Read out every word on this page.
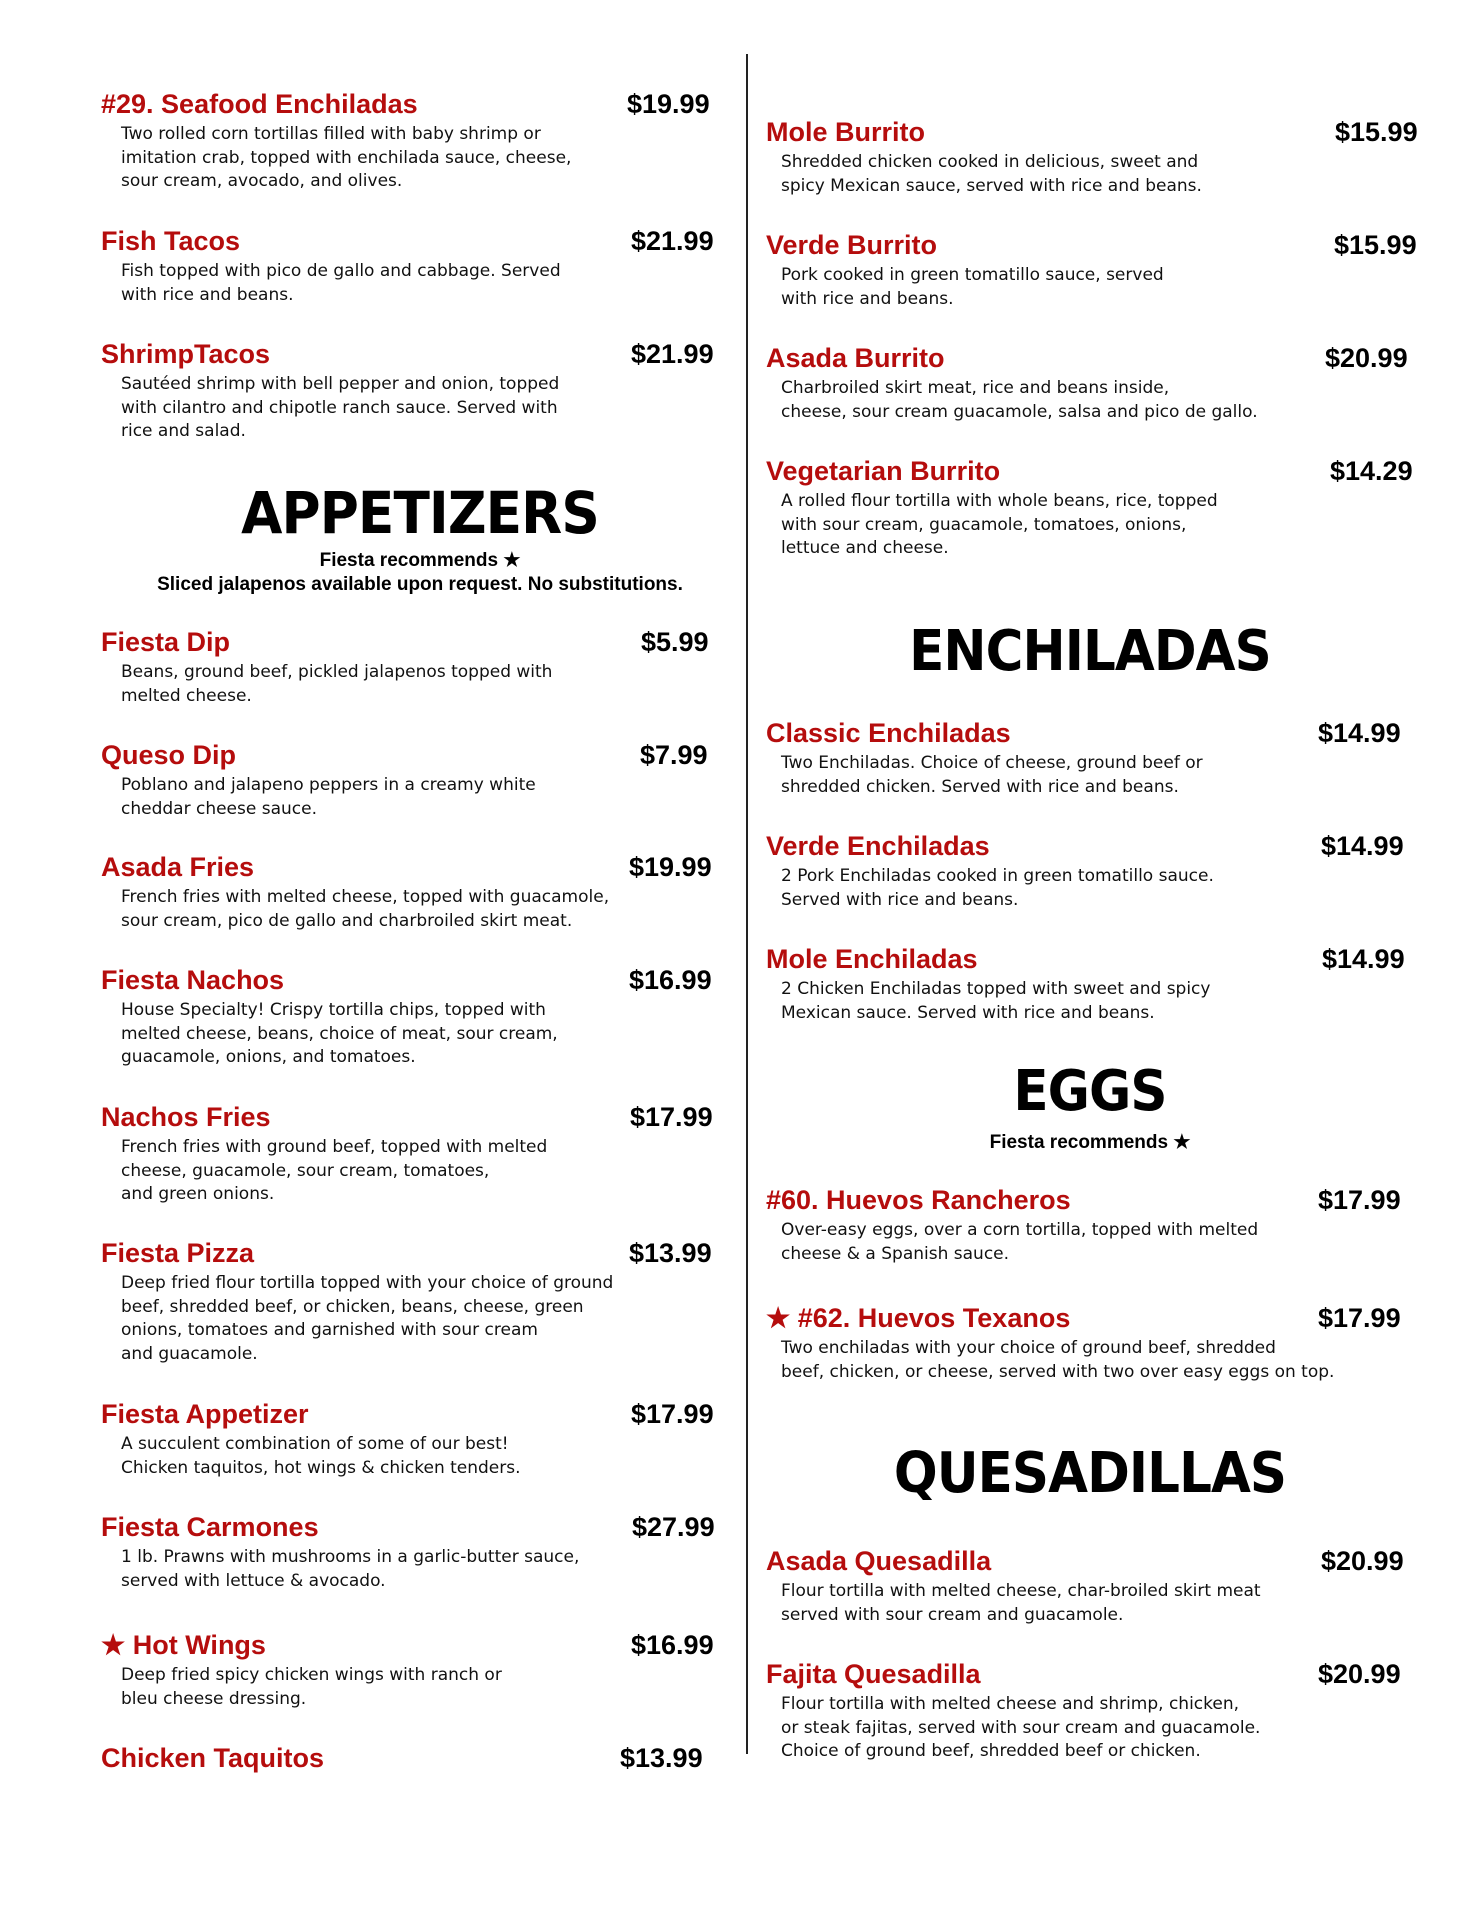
#29. Seafood Enchiladas	$19.99
Two rolled corn tortillas filled with baby shrimp or
imitation crab, topped with enchilada sauce, cheese,
sour cream, avocado, and olives.
Fish Tacos	$21.99
Fish topped with pico de gallo and cabbage. Served
with rice and beans.
ShrimpTacos	$21.99
Sautéed shrimp with bell pepper and onion, topped
with cilantro and chipotle ranch sauce. Served with
rice and salad.
APPETIZERS
Fiesta recommends ★
Sliced jalapenos available upon request. No substitutions.
Fiesta Dip	$5.99
Beans, ground beef, pickled jalapenos topped with
melted cheese.
Queso Dip	$7.99
Poblano and jalapeno peppers in a creamy white
cheddar cheese sauce.
Asada Fries	$19.99
French fries with melted cheese, topped with guacamole,
sour cream, pico de gallo and charbroiled skirt meat.
Fiesta Nachos	$16.99
House Specialty! Crispy tortilla chips, topped with
melted cheese, beans, choice of meat, sour cream,
guacamole, onions, and tomatoes.
Nachos Fries	$17.99
French fries with ground beef, topped with melted
cheese, guacamole, sour cream, tomatoes,
and green onions.
Fiesta Pizza	$13.99
Deep fried flour tortilla topped with your choice of ground
beef, shredded beef, or chicken, beans, cheese, green
onions, tomatoes and garnished with sour cream
and guacamole.
Fiesta Appetizer	$17.99
A succulent combination of some of our best!
Chicken taquitos, hot wings & chicken tenders.
Fiesta Carmones	$27.99
1 lb. Prawns with mushrooms in a garlic-butter sauce,
served with lettuce & avocado.
★ Hot Wings	$16.99
Deep fried spicy chicken wings with ranch or
bleu cheese dressing.
Chicken Taquitos	$13.99
Mole Burrito	$15.99
Shredded chicken cooked in delicious, sweet and
spicy Mexican sauce, served with rice and beans.
Verde Burrito	$15.99
Pork cooked in green tomatillo sauce, served
with rice and beans.
Asada Burrito	$20.99
Charbroiled skirt meat, rice and beans inside,
cheese, sour cream guacamole, salsa and pico de gallo.
Vegetarian Burrito	$14.29
A rolled flour tortilla with whole beans, rice, topped
with sour cream, guacamole, tomatoes, onions,
lettuce and cheese.
ENCHILADAS
Classic Enchiladas	$14.99
Two Enchiladas. Choice of cheese, ground beef or
shredded chicken. Served with rice and beans.
Verde Enchiladas	$14.99
2 Pork Enchiladas cooked in green tomatillo sauce.
Served with rice and beans.
Mole Enchiladas	$14.99
2 Chicken Enchiladas topped with sweet and spicy
Mexican sauce. Served with rice and beans.
EGGS
Fiesta recommends ★
#60. Huevos Rancheros	$17.99
Over-easy eggs, over a corn tortilla, topped with melted
cheese & a Spanish sauce.
★ #62. Huevos Texanos	$17.99
Two enchiladas with your choice of ground beef, shredded
beef, chicken, or cheese, served with two over easy eggs on top.
QUESADILLAS
Asada Quesadilla	$20.99
Flour tortilla with melted cheese, char-broiled skirt meat
served with sour cream and guacamole.
Fajita Quesadilla	$20.99
Flour tortilla with melted cheese and shrimp, chicken,
or steak fajitas, served with sour cream and guacamole.
Choice of ground beef, shredded beef or chicken.
